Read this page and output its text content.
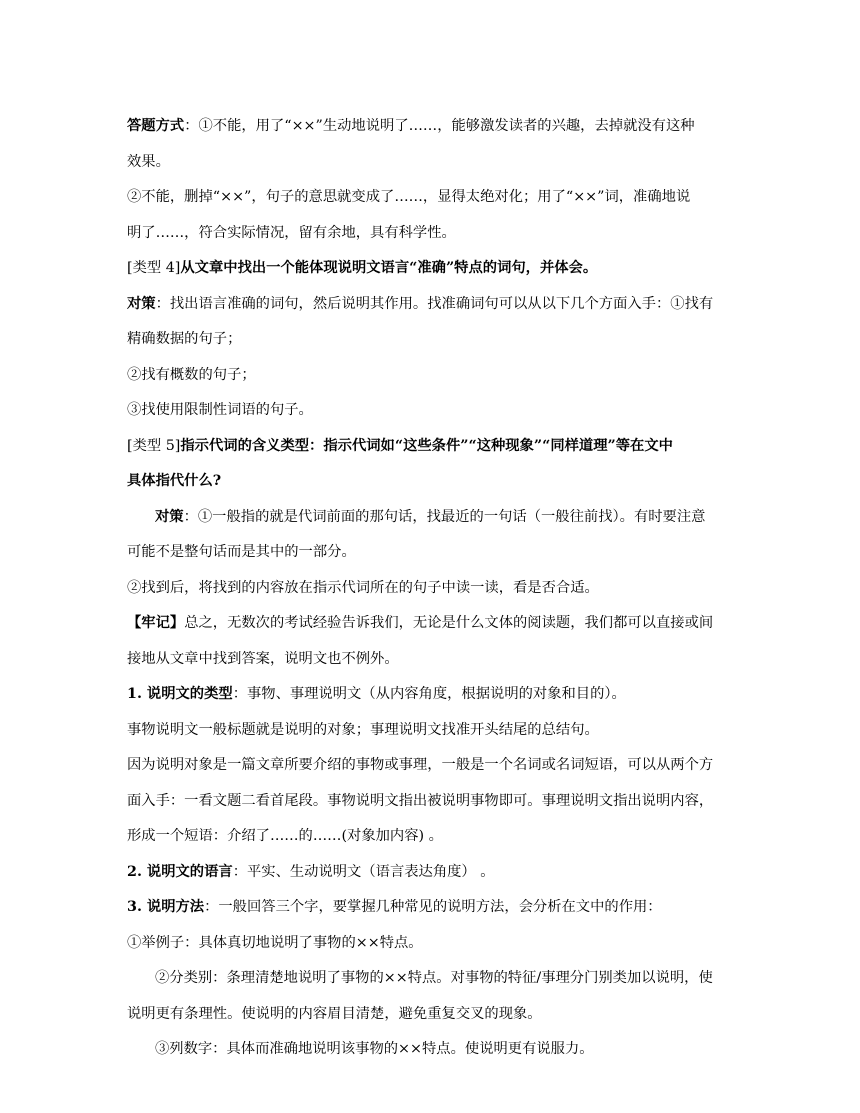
答题方式：①不能，用了“××”生动地说明了……，能够激发读者的兴趣，去掉就没有这种
效果。
②不能，删掉“××”，句子的意思就变成了……，显得太绝对化；用了“××”词，准确地说
明了……，符合实际情况，留有余地，具有科学性。
[类型 4]从文章中找出一个能体现说明文语言“准确”特点的词句，并体会。
对策：找出语言准确的词句，然后说明其作用。找准确词句可以从以下几个方面入手：①找有
精确数据的句子；
②找有概数的句子；
③找使用限制性词语的句子。
[类型 5]指示代词的含义类型：指示代词如“这些条件”“这种现象”“同样道理”等在文中
具体指代什么?
对策：①一般指的就是代词前面的那句话，找最近的一句话（一般往前找）。有时要注意
可能不是整句话而是其中的一部分。
②找到后，将找到的内容放在指示代词所在的句子中读一读，看是否合适。
【牢记】总之，无数次的考试经验告诉我们，无论是什么文体的阅读题，我们都可以直接或间
接地从文章中找到答案，说明文也不例外。
1. 说明文的类型：事物、事理说明文（从内容角度，根据说明的对象和目的）。
事物说明文一般标题就是说明的对象；事理说明文找准开头结尾的总结句。
因为说明对象是一篇文章所要介绍的事物或事理，一般是一个名词或名词短语，可以从两个方
面入手：一看文题二看首尾段。事物说明文指出被说明事物即可。事理说明文指出说明内容，
形成一个短语：介绍了……的……(对象加内容) 。
2. 说明文的语言：平实、生动说明文（语言表达角度） 。
3. 说明方法：一般回答三个字，要掌握几种常见的说明方法，会分析在文中的作用：
①举例子：具体真切地说明了事物的××特点。
②分类别：条理清楚地说明了事物的××特点。对事物的特征/事理分门别类加以说明，使
说明更有条理性。使说明的内容眉目清楚，避免重复交叉的现象。
③列数字：具体而准确地说明该事物的××特点。使说明更有说服力。
